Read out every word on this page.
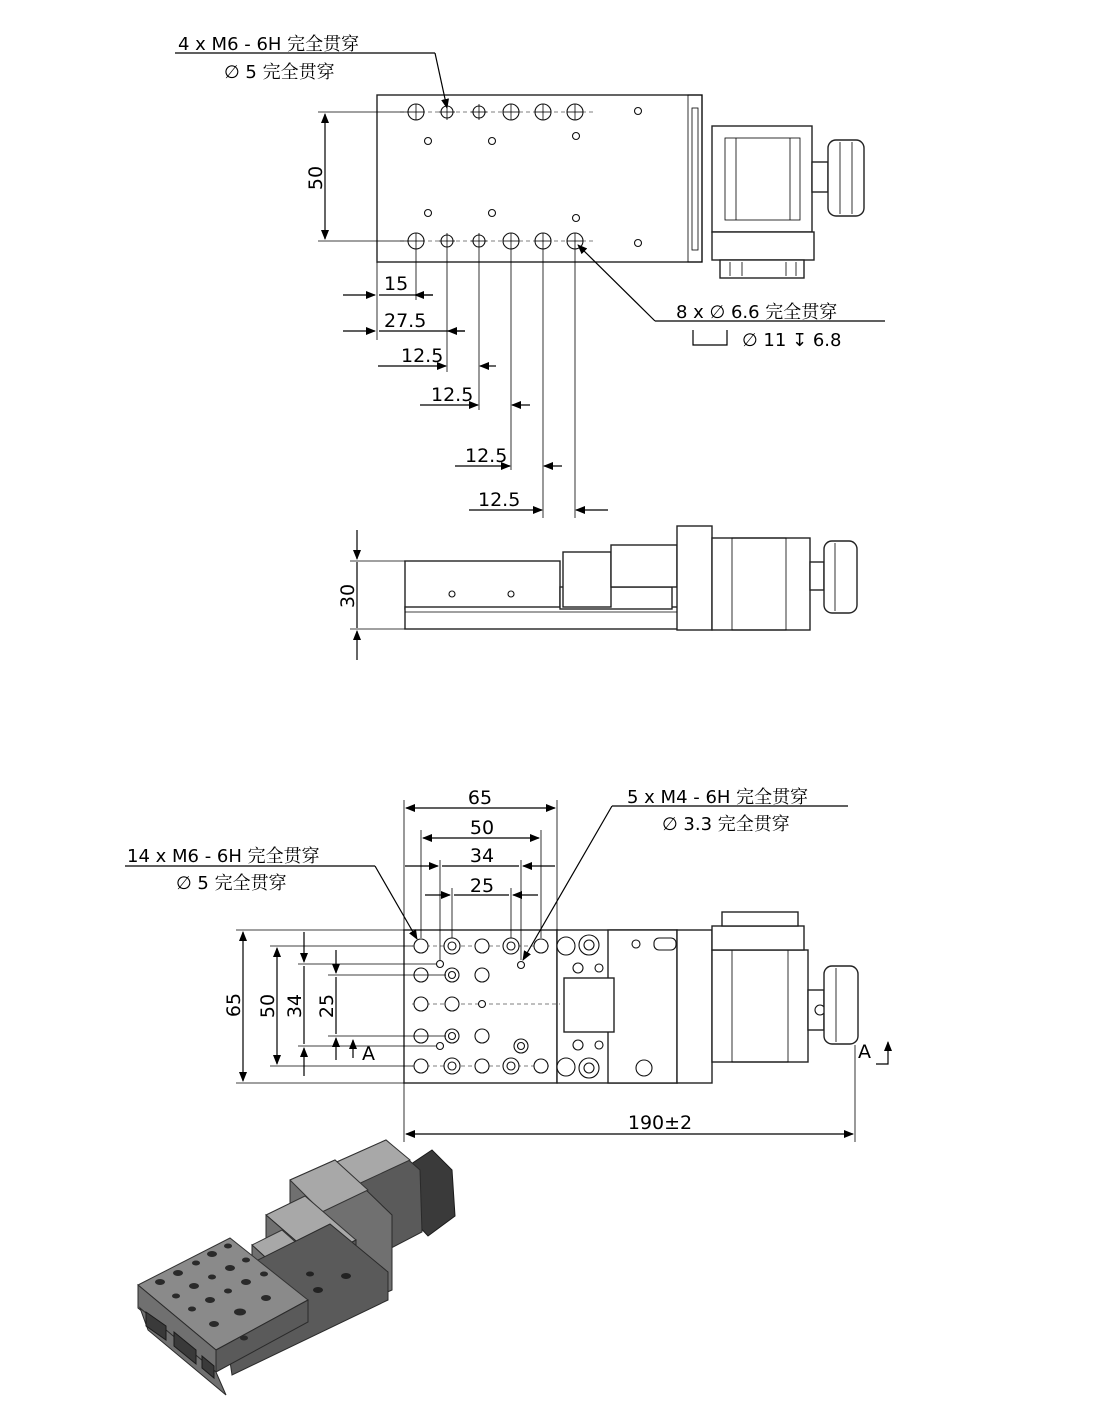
4 x M6 - 6H 完全贯穿
∅ 5 完全贯穿
50
15
27.5
12.5
12.5
12.5
12.5
8 x ∅ 6.6 完全贯穿
∅ 11 ↧ 6.8
30
65
50
34
25
65 50 34 25
A	A
14 x M6 - 6H 完全贯穿
∅ 5 完全贯穿
5 x M4 - 6H 完全贯穿
∅ 3.3 完全贯穿
190±2
